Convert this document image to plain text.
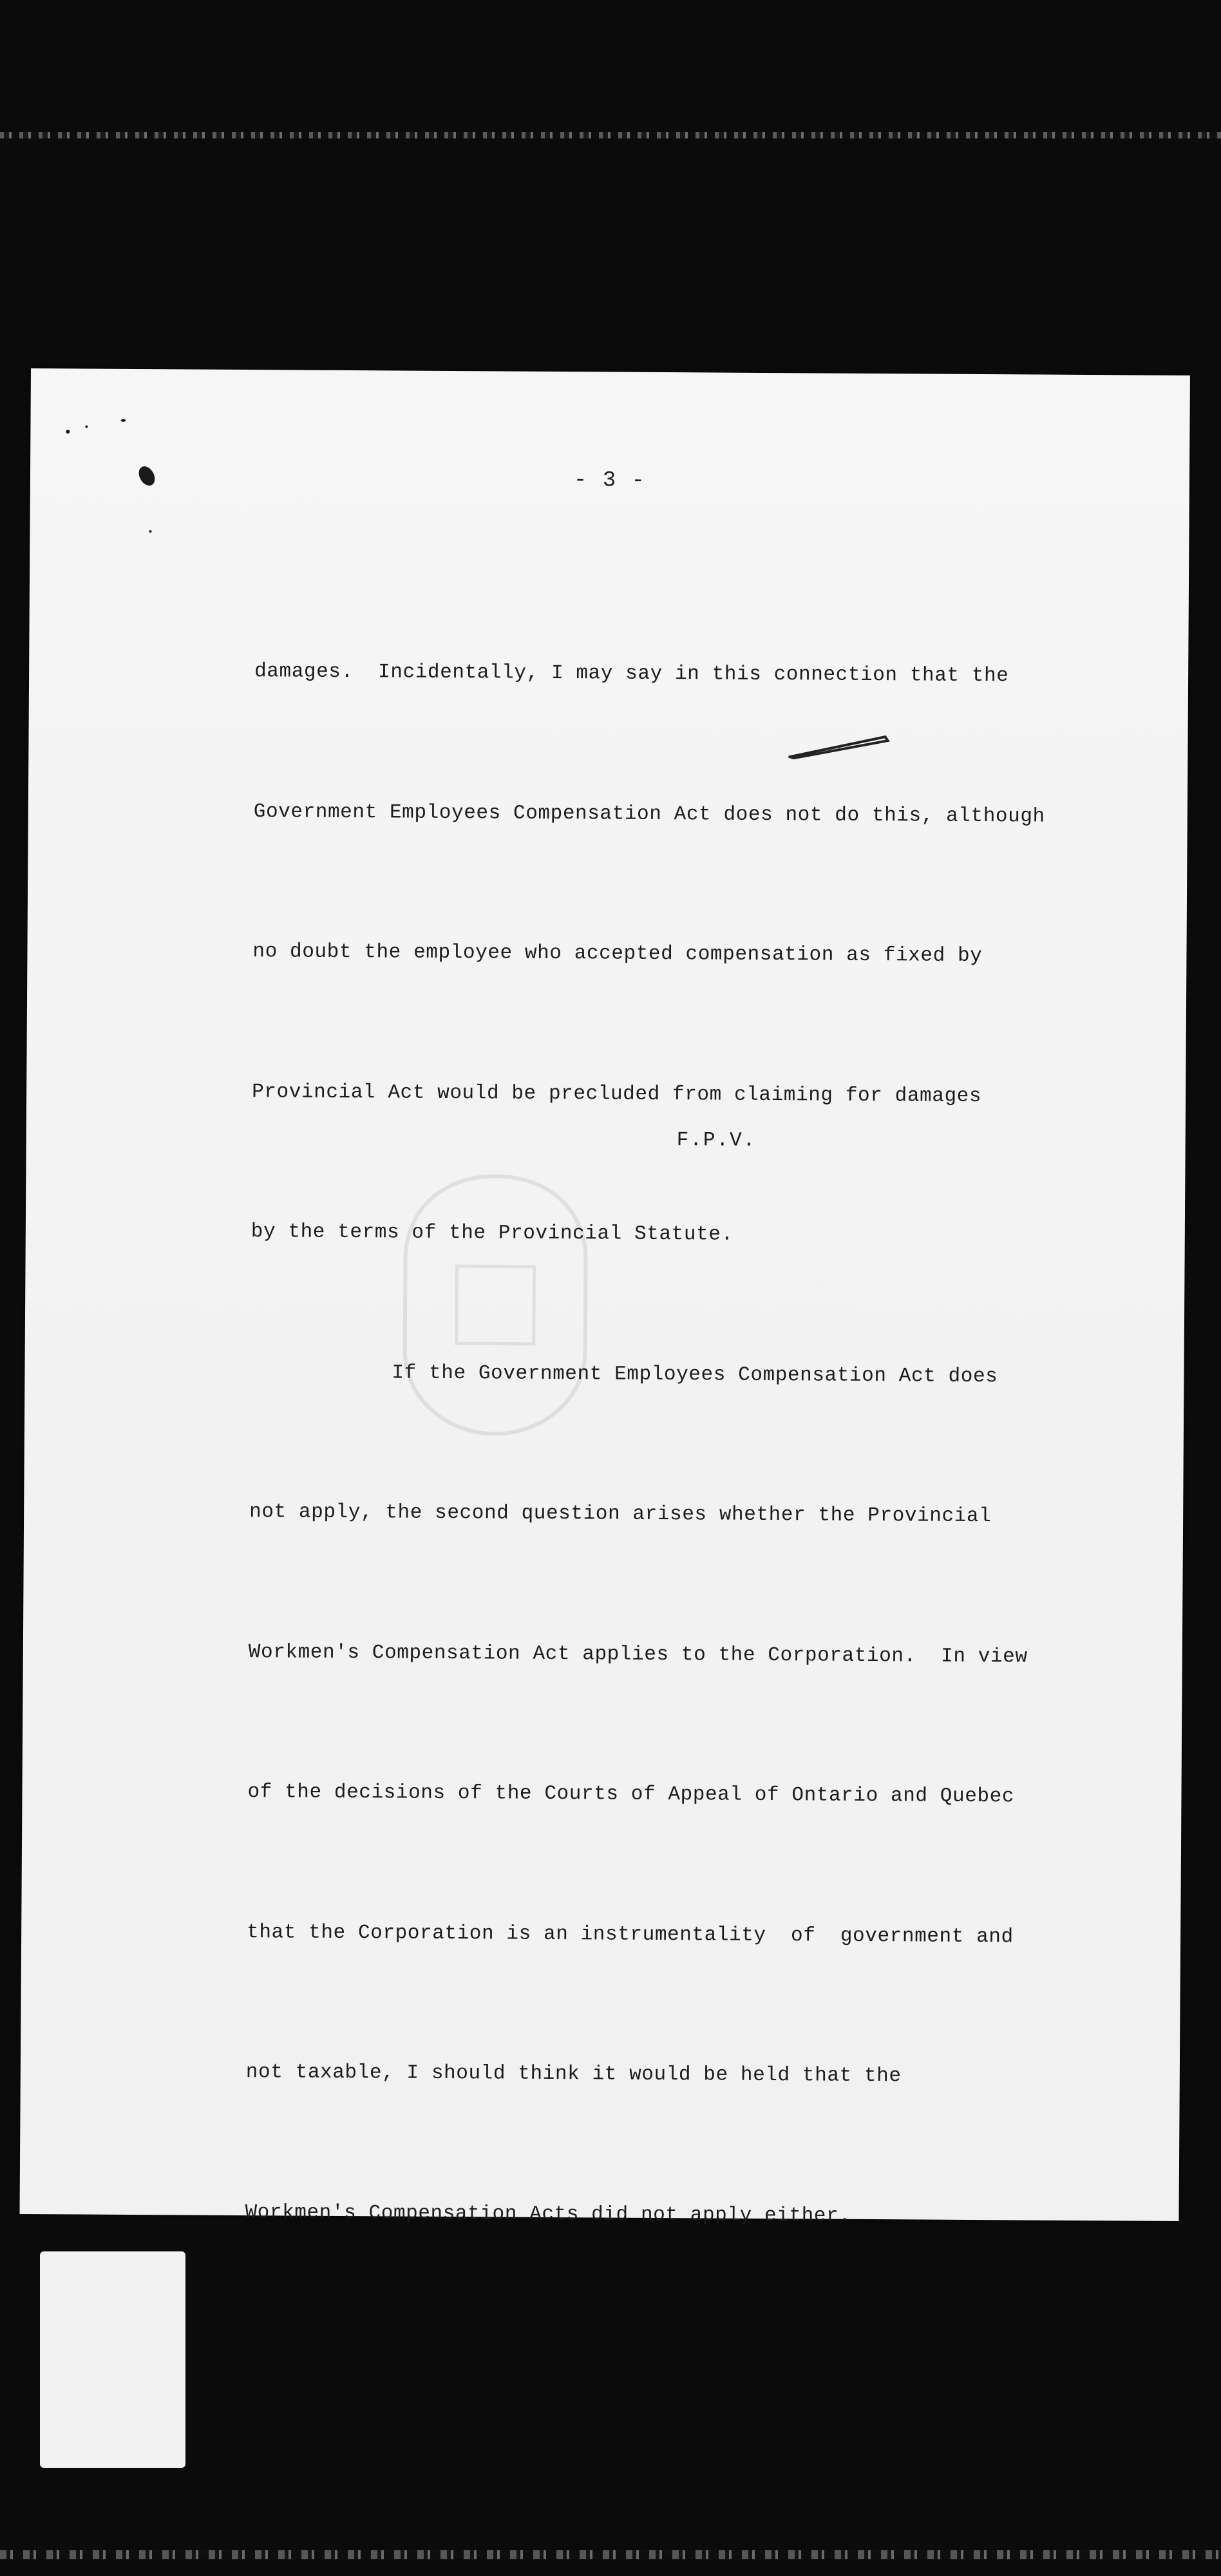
- 3 -

damages.  Incidentally, I may say in this connection that the

Government Employees Compensation Act does not do this, although

no doubt the employee who accepted compensation as fixed by

Provincial Act would be precluded from claiming for damages

by the terms of the Provincial Statute.

If the Government Employees Compensation Act does

not apply, the second question arises whether the Provincial

Workmen's Compensation Act applies to the Corporation.  In view

of the decisions of the Courts of Appeal of Ontario and Quebec

that the Corporation is an instrumentality  of  government and

not taxable, I should think it would be held that the

Workmen's Compensation Acts did not apply either.

F.P.V.
